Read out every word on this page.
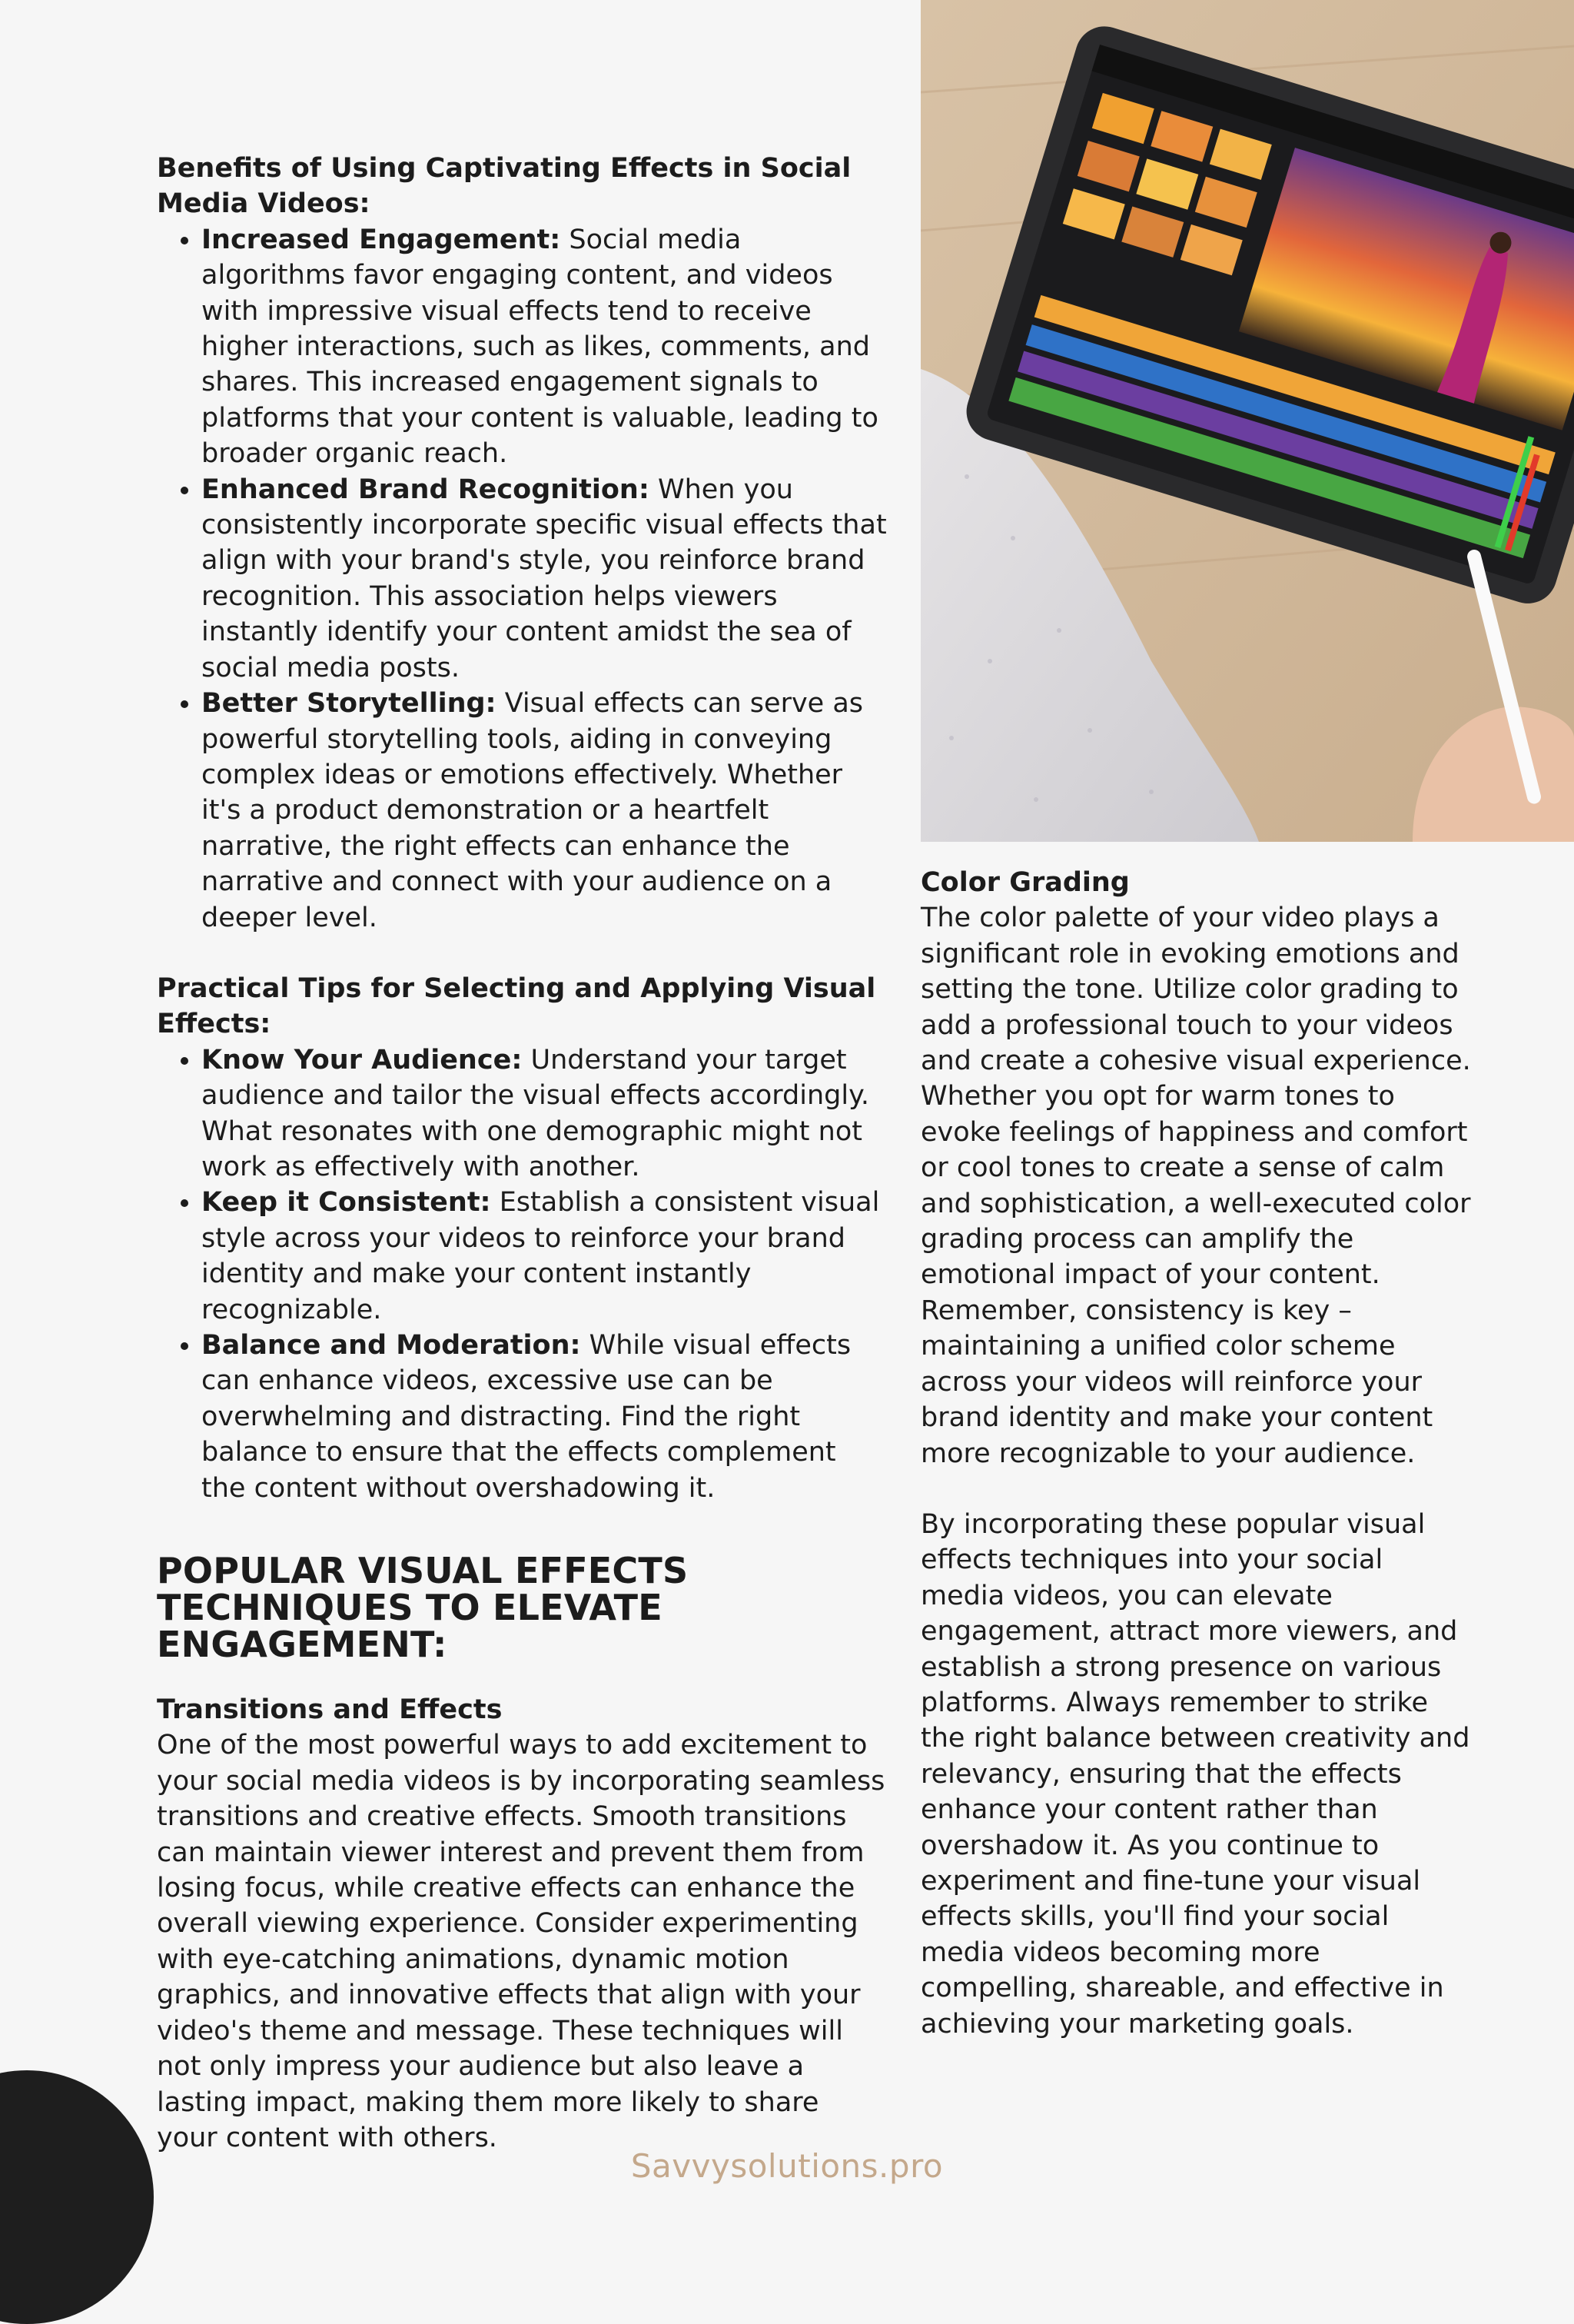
Benefits of Using Captivating Effects in Social Media Videos:

• Increased Engagement: Social media algorithms favor engaging content, and videos with impressive visual effects tend to receive higher interactions, such as likes, comments, and shares. This increased engagement signals to platforms that your content is valuable, leading to broader organic reach.
• Enhanced Brand Recognition: When you consistently incorporate specific visual effects that align with your brand's style, you reinforce brand recognition. This association helps viewers instantly identify your content amidst the sea of social media posts.
• Better Storytelling: Visual effects can serve as powerful storytelling tools, aiding in conveying complex ideas or emotions effectively. Whether it's a product demonstration or a heartfelt narrative, the right effects can enhance the narrative and connect with your audience on a deeper level.

Practical Tips for Selecting and Applying Visual Effects:

• Know Your Audience: Understand your target audience and tailor the visual effects accordingly. What resonates with one demographic might not work as effectively with another.
• Keep it Consistent: Establish a consistent visual style across your videos to reinforce your brand identity and make your content instantly recognizable.
• Balance and Moderation: While visual effects can enhance videos, excessive use can be overwhelming and distracting. Find the right balance to ensure that the effects complement the content without overshadowing it.
POPULAR VISUAL EFFECTS
TECHNIQUES TO ELEVATE
ENGAGEMENT:

Transitions and Effects

One of the most powerful ways to add excitement to your social media videos is by incorporating seamless transitions and creative effects. Smooth transitions can maintain viewer interest and prevent them from losing focus, while creative effects can enhance the overall viewing experience. Consider experimenting with eye-catching animations, dynamic motion graphics, and innovative effects that align with your video's theme and message. These techniques will not only impress your audience but also leave a lasting impact, making them more likely to share your content with others.

Color Grading

The color palette of your video plays a significant role in evoking emotions and setting the tone. Utilize color grading to add a professional touch to your videos and create a cohesive visual experience. Whether you opt for warm tones to evoke feelings of happiness and comfort or cool tones to create a sense of calm and sophistication, a well-executed color grading process can amplify the emotional impact of your content. Remember, consistency is key – maintaining a unified color scheme across your videos will reinforce your brand identity and make your content more recognizable to your audience.

By incorporating these popular visual effects techniques into your social media videos, you can elevate engagement, attract more viewers, and establish a strong presence on various platforms. Always remember to strike the right balance between creativity and relevancy, ensuring that the effects enhance your content rather than overshadow it. As you continue to experiment and fine-tune your visual effects skills, you'll find your social media videos becoming more compelling, shareable, and effective in achieving your marketing goals.

Savvysolutions.pro
